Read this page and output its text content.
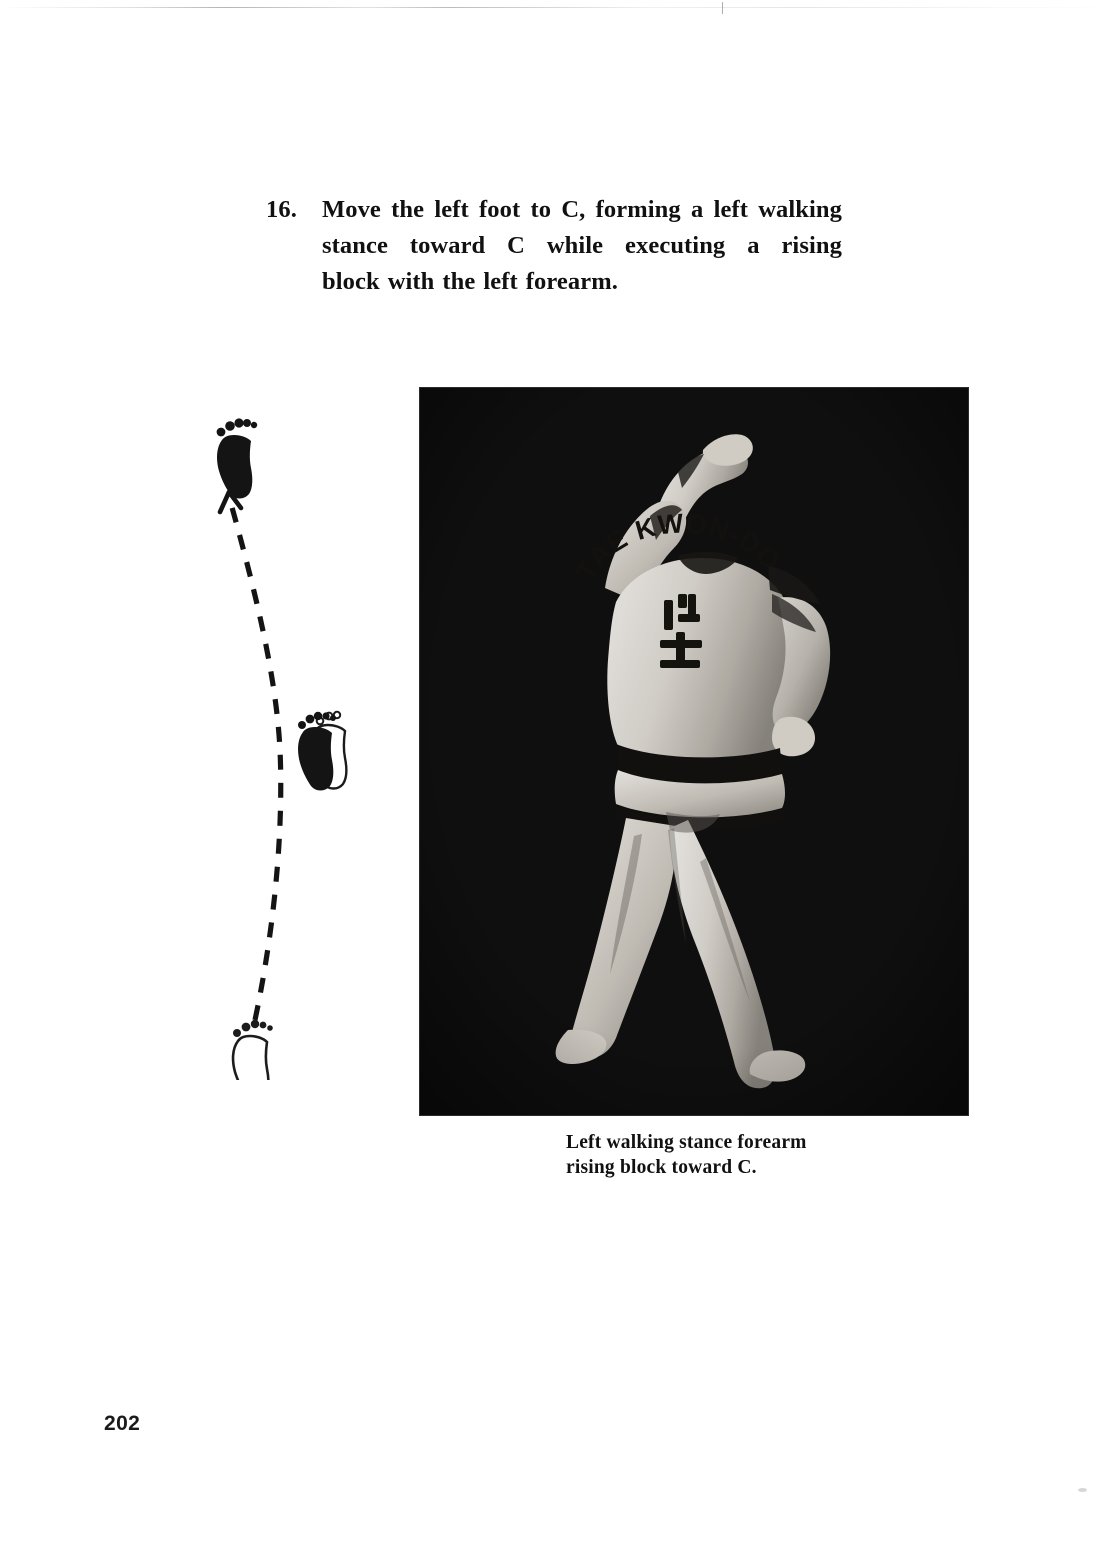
16.	Move the left foot to C, forming a left walking
stance toward C while executing a rising
block with the left forearm.
Left walking stance forearm
rising block toward C.
202
